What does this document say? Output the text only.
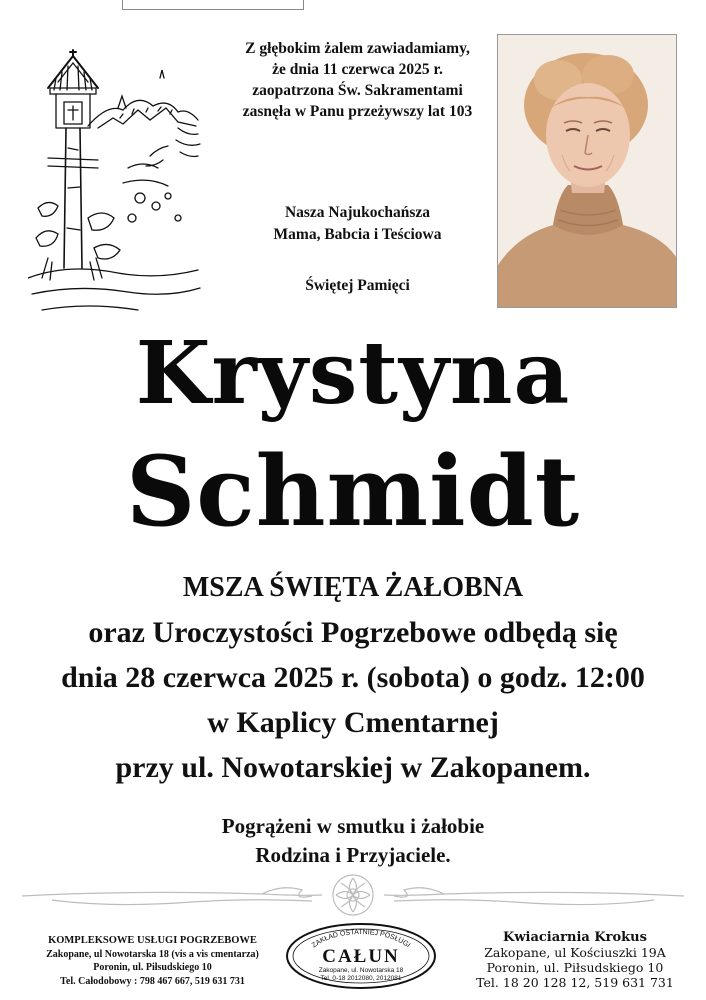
Z głębokim żalem zawiadamiamy,
że dnia 11 czerwca 2025 r.
zaopatrzona Św. Sakramentami
zasnęła w Panu przeżywszy lat 103
Nasza Najukochańsza
Mama, Babcia i Teściowa
Świętej Pamięci
Krystyna
Schmidt
MSZA ŚWIĘTA ŻAŁOBNA
oraz Uroczystości Pogrzebowe odbędą się
dnia 28 czerwca 2025 r. (sobota) o godz. 12:00
w Kaplicy Cmentarnej
przy ul. Nowotarskiej w Zakopanem.
Pogrążeni w smutku i żałobie
Rodzina i Przyjaciele.
KOMPLEKSOWE USŁUGI POGRZEBOWE
Zakopane, ul Nowotarska 18 (vis a vis cmentarza)
Poronin, ul. Piłsudskiego 10
Tel. Całodobowy : 798 467 667, 519 631 731
ZAKŁAD OSTATNIEJ POSŁUGI
CAŁUN
Zakopane, ul. Nowotarska 18
Tel. 0-18 2012080, 2012081
Kwiaciarnia Krokus
Zakopane, ul Kościuszki 19A
Poronin, ul. Piłsudskiego 10
Tel. 18 20 128 12, 519 631 731
